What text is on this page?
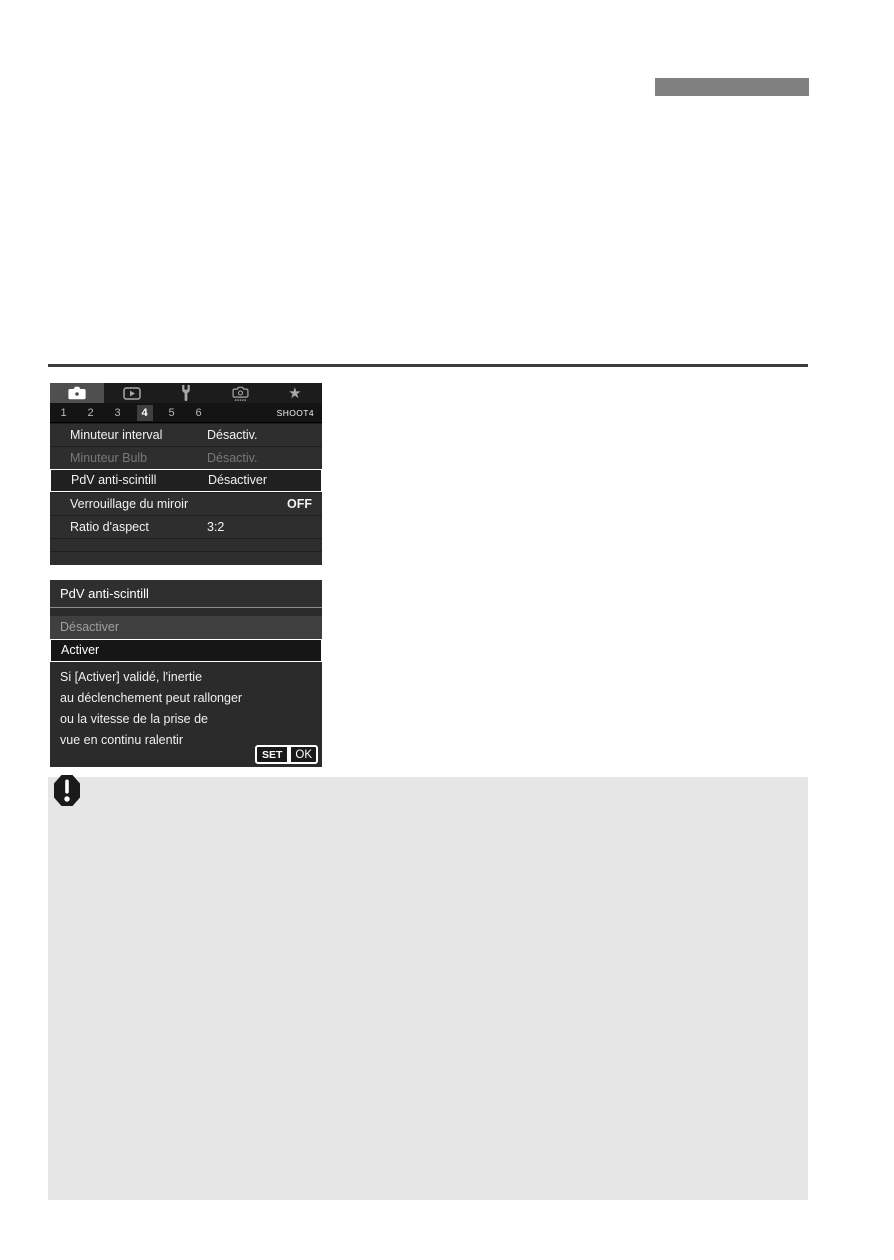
★
1	2	3	4	5	6	SHOOT4
Minuteur interval	Désactiv.
Minuteur Bulb	Désactiv.
PdV anti-scintill	Désactiver
Verrouillage du miroir	OFF
Ratio d'aspect	3:2
PdV anti-scintill
Désactiver
Activer
Si [Activer] validé, l'inertie
au déclenchement peut rallonger
ou la vitesse de la prise de
vue en continu ralentir
SET	OK
